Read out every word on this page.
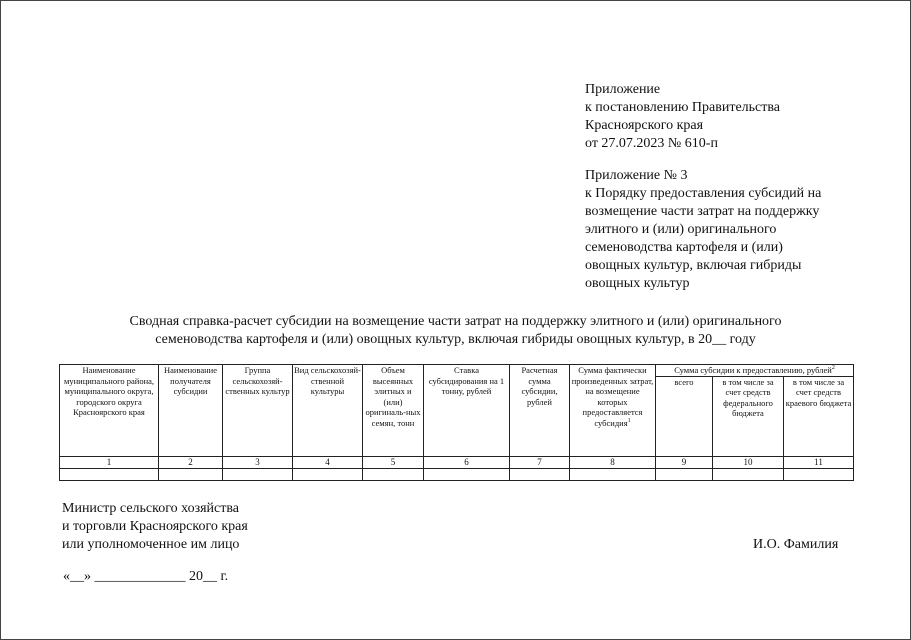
Приложение
к постановлению Правительства
Красноярского края
от 27.07.2023 № 610-п
Приложение № 3
к Порядку предоставления субсидий на
возмещение части затрат на поддержку
элитного и (или) оригинального
семеноводства картофеля и (или)
овощных культур, включая гибриды
овощных культур
Сводная справка-расчет субсидии на возмещение части затрат на поддержку элитного и (или) оригинального
семеноводства картофеля и (или) овощных культур, включая гибриды овощных культур, в 20__ году
Наименование муниципального района, муниципального округа, городского округа Красноярского края	Наименование получателя субсидии	Группа сельскохозяй-ственных культур	Вид сельскохозяй-ственной культуры	Объем высеянных элитных и (или) оригиналь-ных семян, тонн	Ставка субсидирования на 1 тонну, рублей	Расчетная сумма субсидии, рублей	Сумма фактически произведенных затрат, на возмещение которых предоставляется субсидия$^1$	Сумма субсидии к предоставлению, рублей$^2$
								всего	в том числе за счет средств федерального бюджета	в том числе за счет средств краевого бюджета
1	2	3	4	5	6	7	8	9	10	11

Министр сельского хозяйства
и торговли Красноярского края
или уполномоченное им лицо	И.О. Фамилия
«__» _____________ 20__ г.
